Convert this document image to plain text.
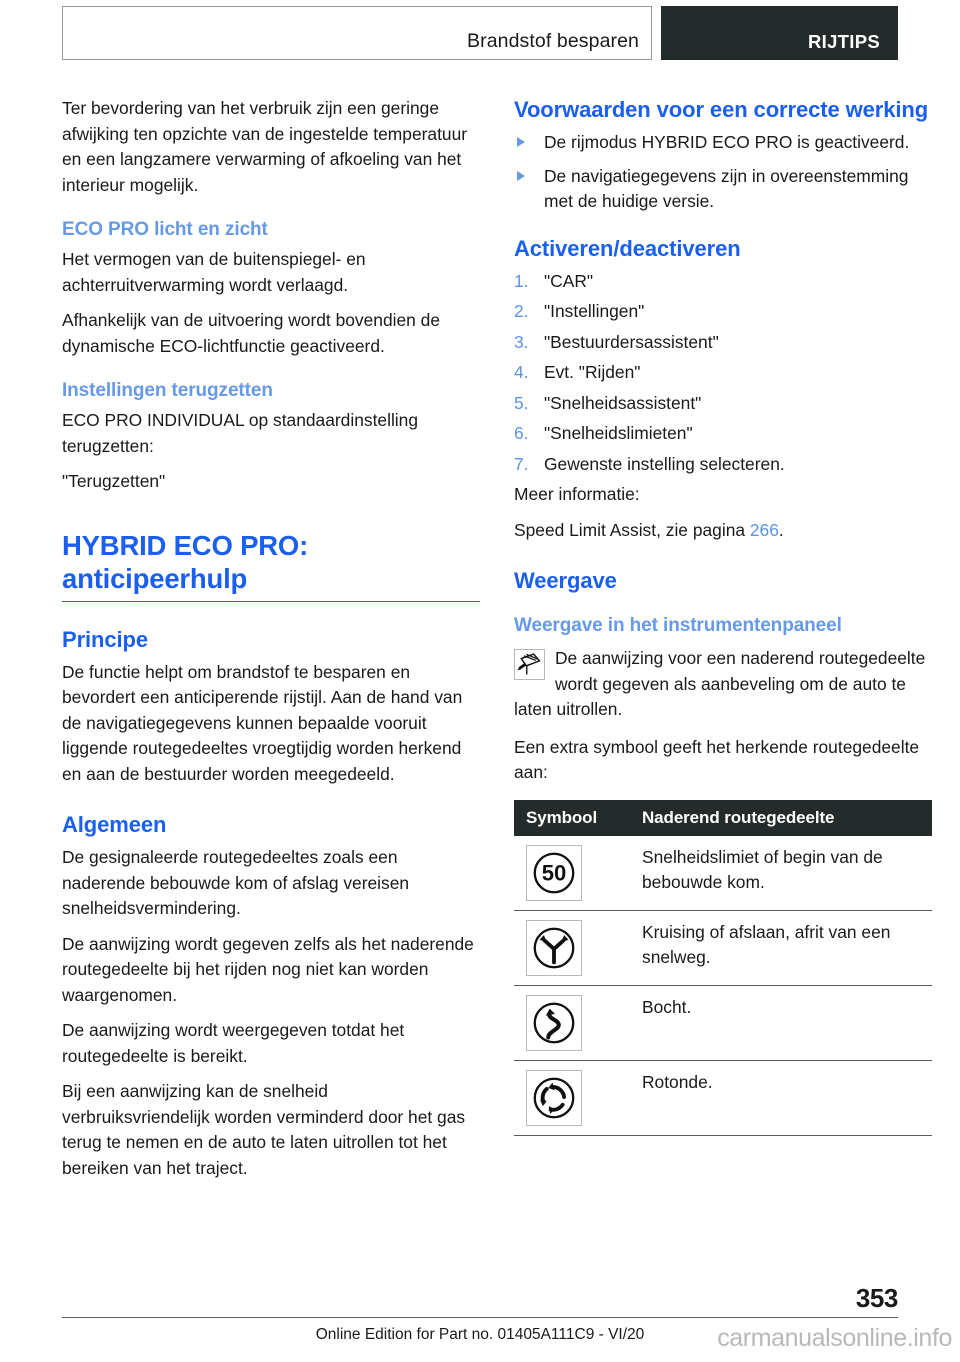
Brandstof besparen	RIJTIPS

Ter bevordering van het verbruik zijn een geringe afwijking ten opzichte van de ingestelde temperatuur en een langzamere verwarming of afkoeling van het interieur mogelijk.

ECO PRO licht en zicht

Het vermogen van de buitenspiegel- en achterruitverwarming wordt verlaagd.

Afhankelijk van de uitvoering wordt bovendien de dynamische ECO-lichtfunctie geactiveerd.

Instellingen terugzetten

ECO PRO INDIVIDUAL op standaardinstelling terugzetten:

"Terugzetten"

HYBRID ECO PRO: anticipeerhulp
Principe

De functie helpt om brandstof te besparen en bevordert een anticiperende rijstijl. Aan de hand van de navigatiegegevens kunnen bepaalde vooruit liggende routegedeeltes vroegtijdig worden herkend en aan de bestuurder worden meegedeeld.

Algemeen

De gesignaleerde routegedeeltes zoals een naderende bebouwde kom of afslag vereisen snelheidsvermindering.

De aanwijzing wordt gegeven zelfs als het naderende routegedeelte bij het rijden nog niet kan worden waargenomen.

De aanwijzing wordt weergegeven totdat het routegedeelte is bereikt.

Bij een aanwijzing kan de snelheid verbruiksvriendelijk worden verminderd door het gas terug te nemen en de auto te laten uitrollen tot het bereiken van het traject.

Voorwaarden voor een correcte werking
De rijmodus HYBRID ECO PRO is geactiveerd.
De navigatiegegevens zijn in overeenstemming met de huidige versie.
Activeren/deactiveren
1. "CAR"
2. "Instellingen"
3. "Bestuurdersassistent"
4. Evt. "Rijden"
5. "Snelheidsassistent"
6. "Snelheidslimieten"
7. Gewenste instelling selecteren.

Meer informatie:

Speed Limit Assist, zie pagina 266.

Weergave
Weergave in het instrumentenpaneel

De aanwijzing voor een naderend routegedeelte wordt gegeven als aanbeveling om de auto te laten uitrollen.

Een extra symbool geeft het herkende routegedeelte aan:

Symbool	Naderend routegedeelte

50	Snelheidslimiet of begin van de bebouwde kom.

	Kruising of afslaan, afrit van een snelweg.

	Bocht.

	Rotonde.
353
Online Edition for Part no. 01405A111C9 - VI/20	carmanualsonline.info
